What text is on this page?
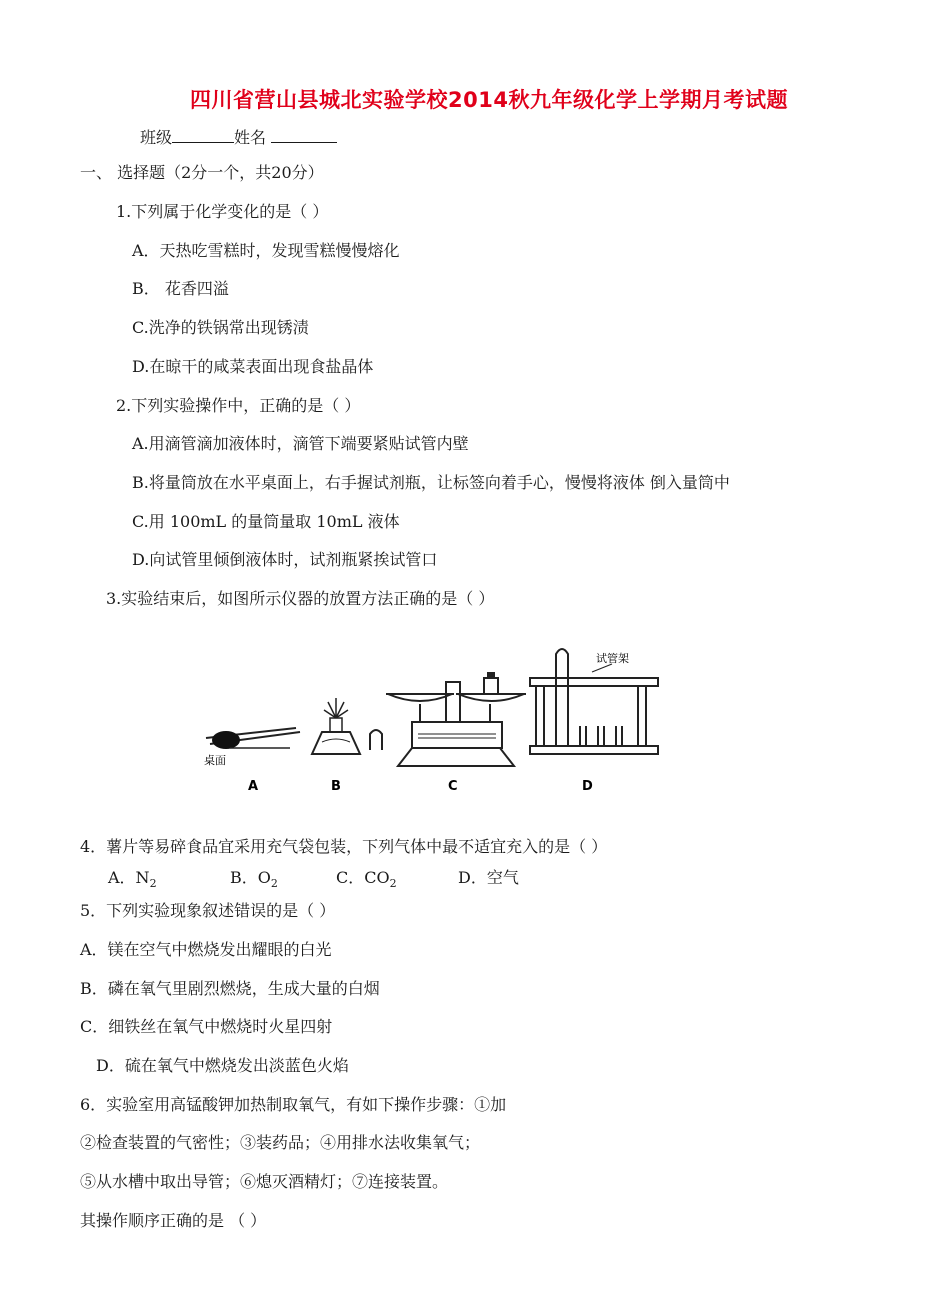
四川省营山县城北实验学校2014秋九年级化学上学期月考试题
班级	姓名
一、 选择题（2分一个，共20分）
1.下列属于化学变化的是（ ）
A．天热吃雪糕时，发现雪糕慢慢熔化
B． 花香四溢
C.洗净的铁锅常出现锈渍
D.在晾干的咸菜表面出现食盐晶体
2.下列实验操作中，正确的是（ ）
A.用滴管滴加液体时，滴管下端要紧贴试管内壁
B.将量筒放在水平桌面上，右手握试剂瓶，让标签向着手心，慢慢将液体 倒入量筒中
C.用 100mL 的量筒量取 10mL 液体
D.向试管里倾倒液体时，试剂瓶紧挨试管口
3.实验结束后，如图所示仪器的放置方法正确的是（ ）
桌面
A	B	C
试管架
D
4．薯片等易碎食品宜采用充气袋包装，下列气体中最不适宜充入的是（ ）
A．$N_2$	B．$O_2$	C．$CO_2$	D．空气
5．下列实验现象叙述错误的是（ ）
A．镁在空气中燃烧发出耀眼的白光
B．磷在氧气里剧烈燃烧，生成大量的白烟
C．细铁丝在氧气中燃烧时火星四射
D．硫在氧气中燃烧发出淡蓝色火焰
6．实验室用高锰酸钾加热制取氧气，有如下操作步骤：①加
②检查装置的气密性；③装药品；④用排水法收集氧气；
⑤从水槽中取出导管；⑥熄灭酒精灯；⑦连接装置。
其操作顺序正确的是 （ ）
